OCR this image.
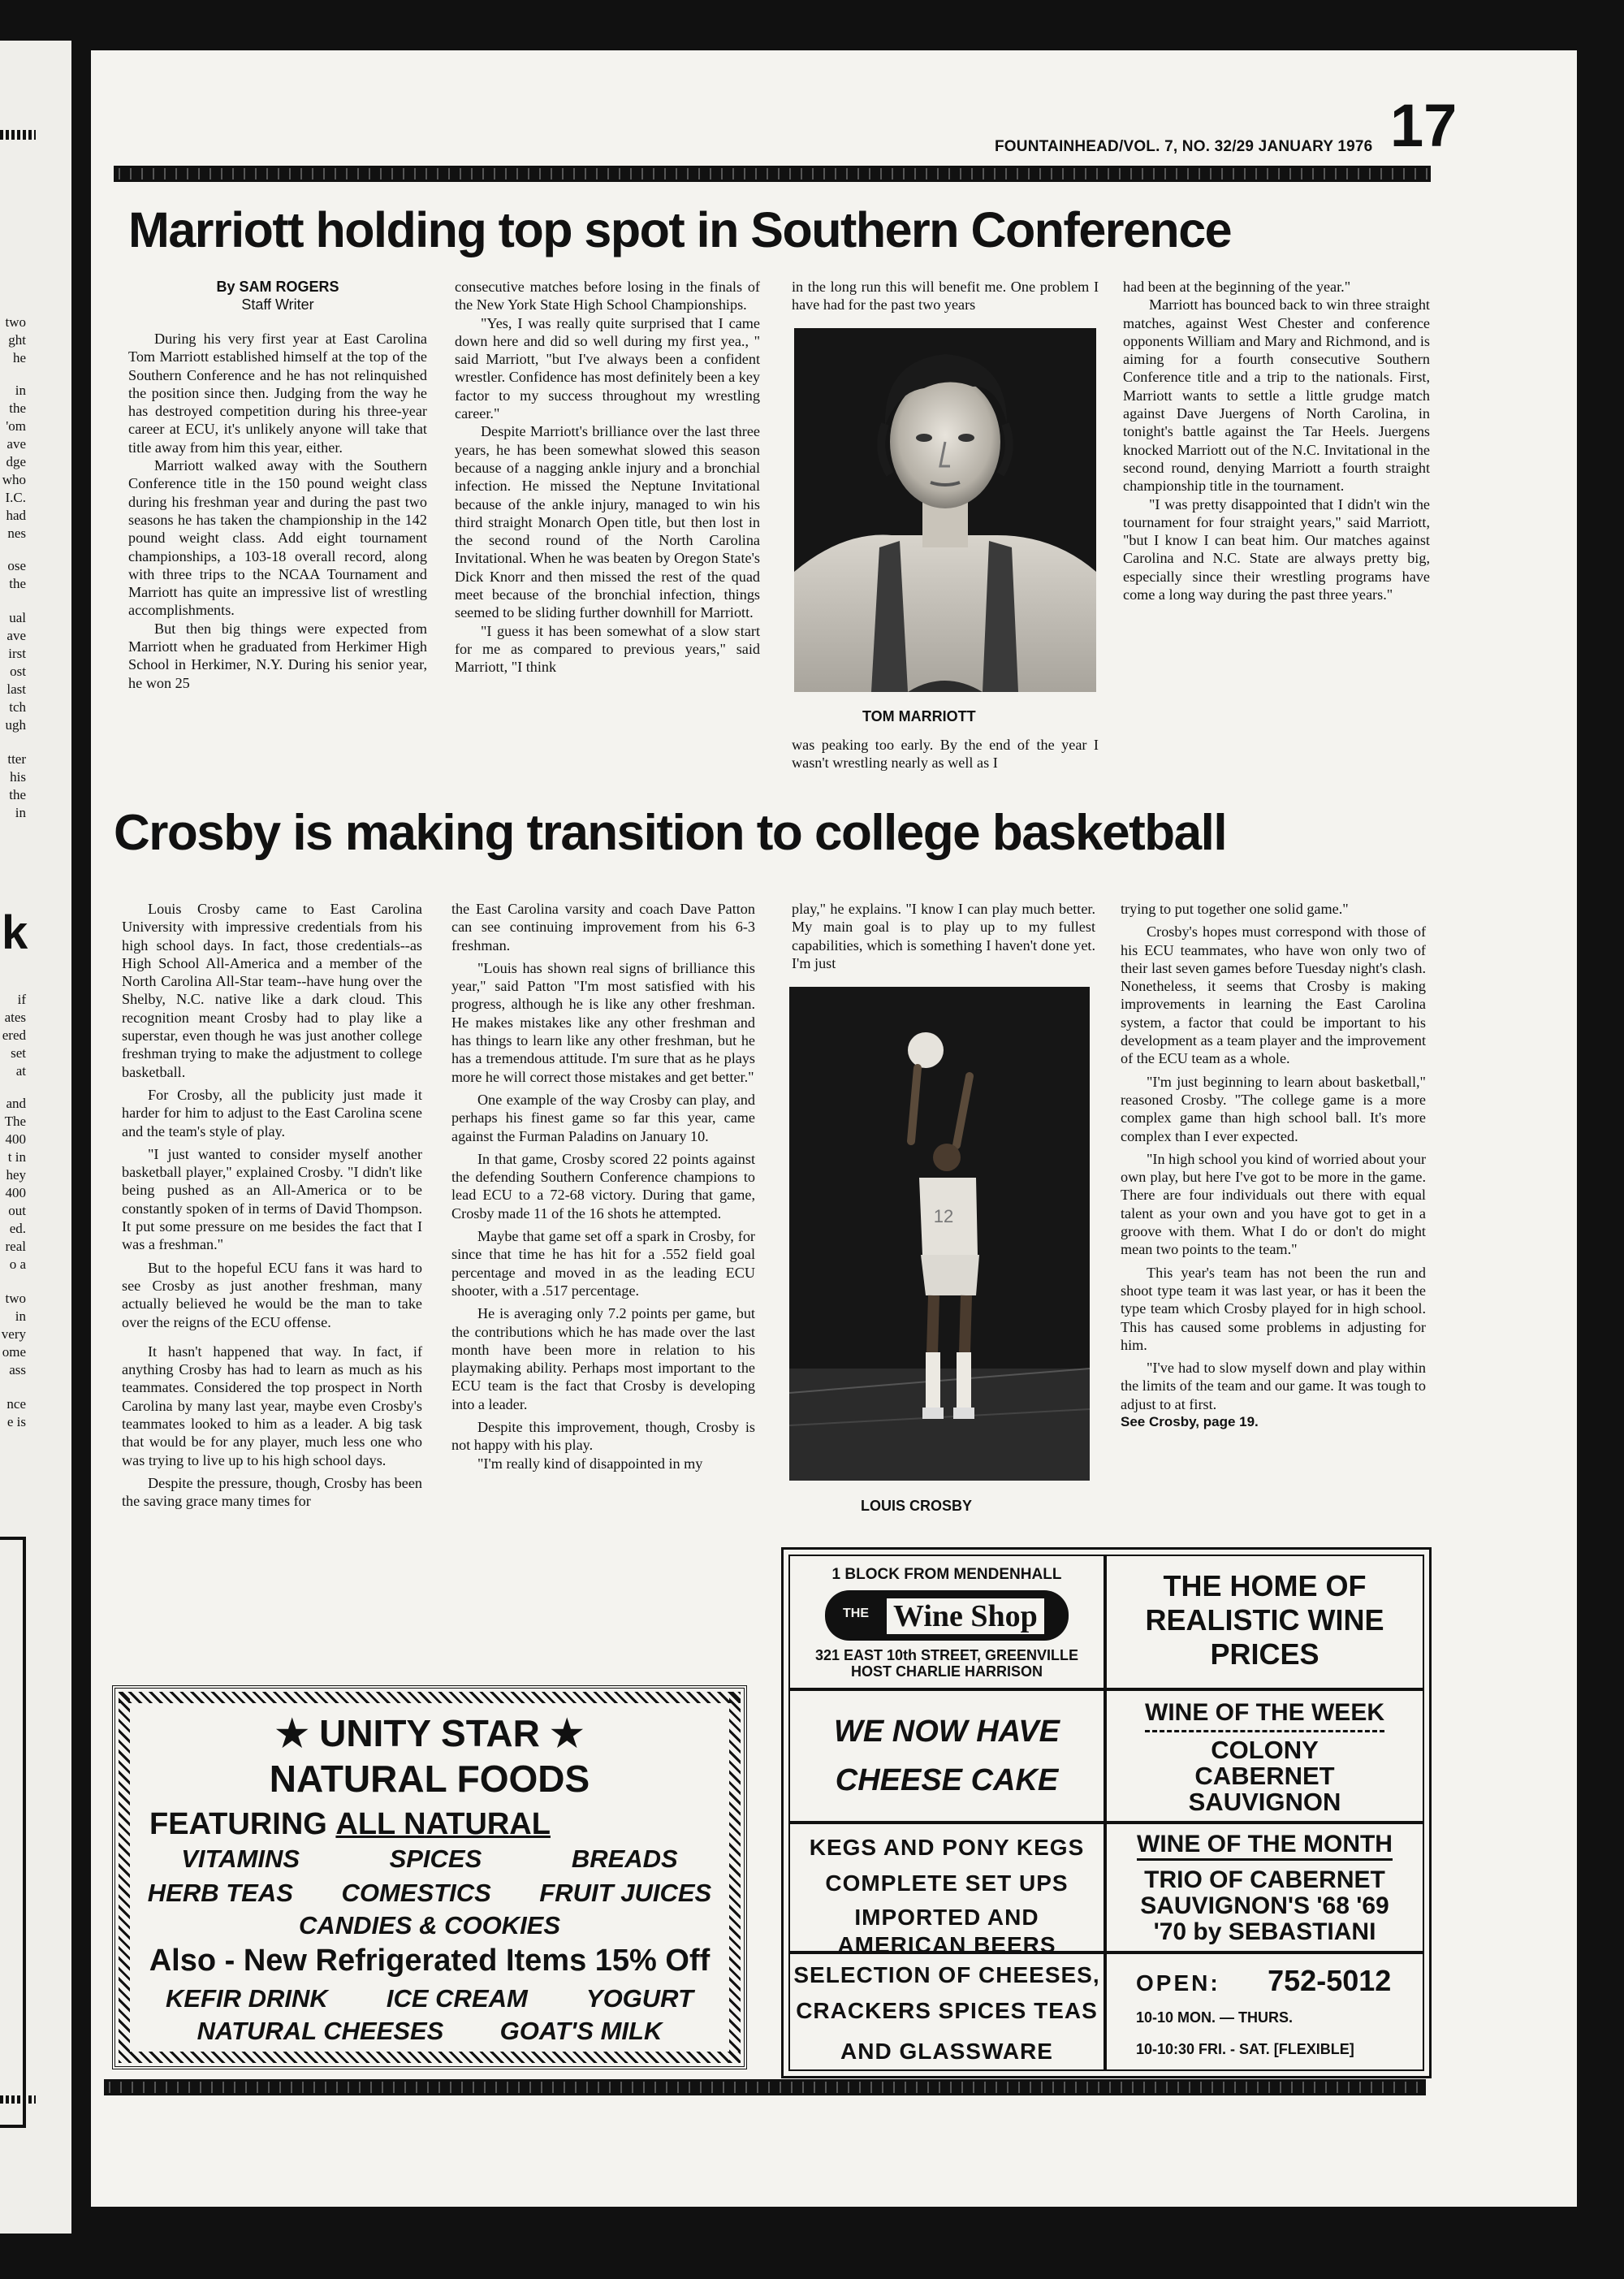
two
ght
he
in
the
'om
ave
dge
who
I.C.
had
nes
ose
the
ual
ave
irst
ost
last
tch
ugh
tter
his
the
in
if
ates
ered
set
at
and
The
400
t in
hey
400
out
ed.
real
o a
two
in
very
ome
ass
nce
e is
k
FOUNTAINHEAD/VOL. 7, NO. 32/29 JANUARY 1976 17
Marriott holding top spot in Southern Conference
By SAM ROGERS
Staff Writer

During his very first year at East Carolina Tom Marriott established himself at the top of the Southern Conference and he has not relinquished the position since then. Judging from the way he has destroyed competition during his three-year career at ECU, it's unlikely anyone will take that title away from him this year, either.

Marriott walked away with the Southern Conference title in the 150 pound weight class during his freshman year and during the past two seasons he has taken the championship in the 142 pound weight class. Add eight tournament championships, a 103-18 overall record, along with three trips to the NCAA Tournament and Marriott has quite an impressive list of wrestling accomplishments.

But then big things were expected from Marriott when he graduated from Herkimer High School in Herkimer, N.Y. During his senior year, he won 25

consecutive matches before losing in the finals of the New York State High School Championships.

"Yes, I was really quite surprised that I came down here and did so well during my first yea., " said Marriott, "but I've always been a confident wrestler. Confidence has most definitely been a key factor to my success throughout my wrestling career."

Despite Marriott's brilliance over the last three years, he has been somewhat slowed this season because of a nagging ankle injury and a bronchial infection. He missed the Neptune Invitational because of the ankle injury, managed to win his third straight Monarch Open title, but then lost in the second round of the North Carolina Invitational. When he was beaten by Oregon State's Dick Knorr and then missed the rest of the quad meet because of the bronchial infection, things seemed to be sliding further downhill for Marriott.

"I guess it has been somewhat of a slow start for me as compared to previous years," said Marriott, "I think

in the long run this will benefit me. One problem I have had for the past two years

TOM MARRIOTT

was peaking too early. By the end of the year I wasn't wrestling nearly as well as I

had been at the beginning of the year."

Marriott has bounced back to win three straight matches, against West Chester and conference opponents William and Mary and Richmond, and is aiming for a fourth consecutive Southern Conference title and a trip to the nationals. First, Marriott wants to settle a little grudge match against Dave Juergens of North Carolina, in tonight's battle against the Tar Heels. Juergens knocked Marriott out of the N.C. Invitational in the second round, denying Marriott a fourth straight championship title in the tournament.

"I was pretty disappointed that I didn't win the tournament for four straight years," said Marriott, "but I know I can beat him. Our matches against Carolina and N.C. State are always pretty big, especially since their wrestling programs have come a long way during the past three years."

Crosby is making transition to college basketball

Louis Crosby came to East Carolina University with impressive credentials from his high school days. In fact, those credentials--as High School All-America and a member of the North Carolina All-Star team--have hung over the Shelby, N.C. native like a dark cloud. This recognition meant Crosby had to play like a superstar, even though he was just another college freshman trying to make the adjustment to college basketball.

For Crosby, all the publicity just made it harder for him to adjust to the East Carolina scene and the team's style of play.

"I just wanted to consider myself another basketball player," explained Crosby. "I didn't like being pushed as an All-America or to be constantly spoken of in terms of David Thompson. It put some pressure on me besides the fact that I was a freshman."

But to the hopeful ECU fans it was hard to see Crosby as just another freshman, many actually believed he would be the man to take over the reigns of the ECU offense.

It hasn't happened that way. In fact, if anything Crosby has had to learn as much as his teammates. Considered the top prospect in North Carolina by many last year, maybe even Crosby's teammates looked to him as a leader. A big task that would be for any player, much less one who was trying to live up to his high school days.

Despite the pressure, though, Crosby has been the saving grace many times for

the East Carolina varsity and coach Dave Patton can see continuing improvement from his 6-3 freshman.

"Louis has shown real signs of brilliance this year," said Patton "I'm most satisfied with his progress, although he is like any other freshman. He makes mistakes like any other freshman and has things to learn like any other freshman, but he has a tremendous attitude. I'm sure that as he plays more he will correct those mistakes and get better."

One example of the way Crosby can play, and perhaps his finest game so far this year, came against the Furman Paladins on January 10.

In that game, Crosby scored 22 points against the defending Southern Conference champions to lead ECU to a 72-68 victory. During that game, Crosby made 11 of the 16 shots he attempted.

Maybe that game set off a spark in Crosby, for since that time he has hit for a .552 field goal percentage and moved in as the leading ECU shooter, with a .517 percentage.

He is averaging only 7.2 points per game, but the contributions which he has made over the last month have been more in relation to his playmaking ability. Perhaps most important to the ECU team is the fact that Crosby is developing into a leader.

Despite this improvement, though, Crosby is not happy with his play.

"I'm really kind of disappointed in my

play," he explains. "I know I can play much better. My main goal is to play up to my fullest capabilities, which is something I haven't done yet. I'm just

12
LOUIS CROSBY

trying to put together one solid game."

Crosby's hopes must correspond with those of his ECU teammates, who have won only two of their last seven games before Tuesday night's clash. Nonetheless, it seems that Crosby is making improvements in learning the East Carolina system, a factor that could be important to his development as a team player and the improvement of the ECU team as a whole.

"I'm just beginning to learn about basketball," reasoned Crosby. "The college game is a more complex game than high school ball. It's more complex than I ever expected.

"In high school you kind of worried about your own play, but here I've got to be more in the game. There are four individuals out there with equal talent as your own and you have got to get in a groove with them. What I do or don't do might mean two points to the team."

This year's team has not been the run and shoot type team it was last year, or has it been the type team which Crosby played for in high school. This has caused some problems in adjusting for him.

"I've had to slow myself down and play within the limits of the team and our game. It was tough to adjust to at first.

See Crosby, page 19.
★ UNITY STAR ★
NATURAL FOODS
FEATURING ALL NATURAL
VITAMINS	SPICES	BREADS
HERB TEAS COMESTICS FRUIT JUICES
CANDIES & COOKIES
Also - New Refrigerated Items 15% Off
KEFIR DRINK ICE CREAM YOGURT
NATURAL CHEESES GOAT'S MILK
1 BLOCK FROM MENDENHALL
THE Wine Shop
321 EAST 10th STREET, GREENVILLE
HOST CHARLIE HARRISON
THE HOME OF
REALISTIC WINE
PRICES
WE NOW HAVE
CHEESE CAKE
WINE OF THE WEEK
COLONY
CABERNET
SAUVIGNON
KEGS AND PONY KEGS
COMPLETE SET UPS
IMPORTED AND
AMERICAN BEERS
WINE OF THE MONTH
TRIO OF CABERNET
SAUVIGNON'S '68 '69
'70 by SEBASTIANI
SELECTION OF CHEESES,
CRACKERS SPICES TEAS
AND GLASSWARE
OPEN: 752-5012
10-10 MON. — THURS.
10-10:30 FRI. - SAT. [FLEXIBLE]
